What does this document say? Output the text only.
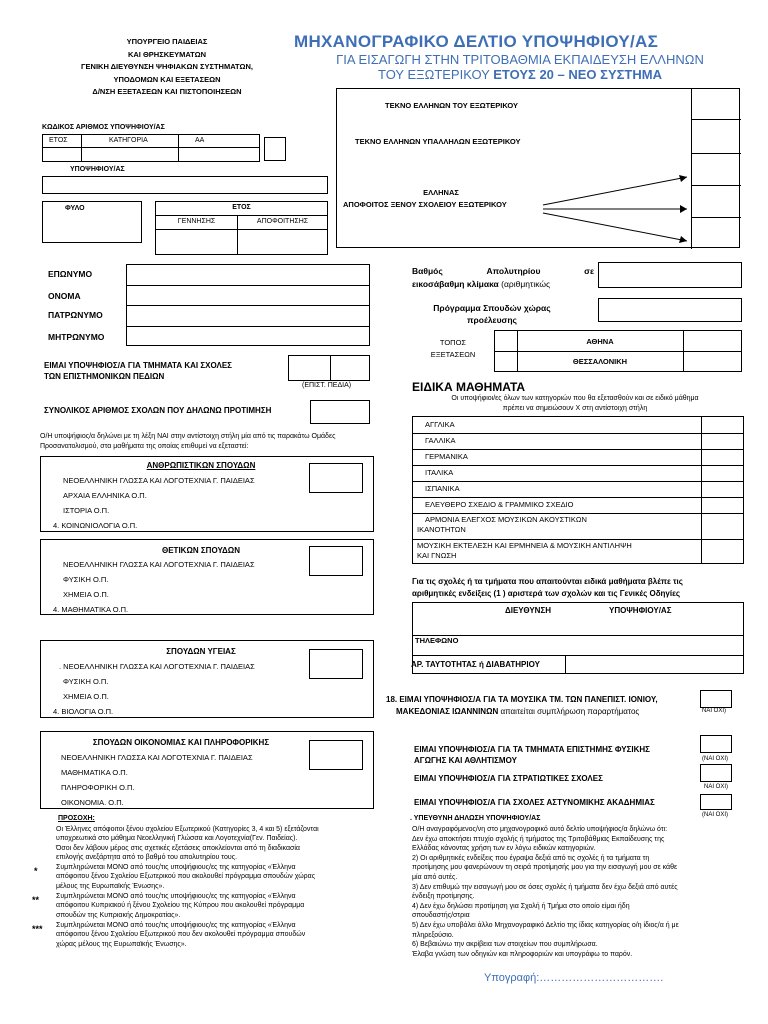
ΥΠΟΥΡΓΕΙΟ ΠΑΙΔΕΙΑΣ
ΚΑΙ ΘΡΗΣΚΕΥΜΑΤΩΝ
ΓΕΝΙΚΗ ΔΙΕΥΘΥΝΣΗ ΨΗΦΙΑΚΩΝ ΣΥΣΤΗΜΑΤΩΝ,
ΥΠΟΔΟΜΩΝ ΚΑΙ ΕΞΕΤΑΣΕΩΝ
Δ/ΝΣΗ ΕΞΕΤΑΣΕΩΝ ΚΑΙ ΠΙΣΤΟΠΟΙΗΣΕΩΝ
ΜΗΧΑΝΟΓΡΑΦΙΚΟ ΔΕΛΤΙΟ ΥΠΟΨΗΦΙΟΥ/ΑΣ
ΓΙΑ ΕΙΣΑΓΩΓΗ ΣΤΗΝ ΤΡΙΤΟΒΑΘΜΙΑ ΕΚΠΑΙΔΕΥΣΗ ΕΛΛΗΝΩΝ
ΤΟΥ ΕΞΩΤΕΡΙΚΟΥ ΕΤΟΥΣ 20 – ΝΕΟ ΣΥΣΤΗΜΑ
ΤΕΚΝΟ ΕΛΛΗΝΩΝ ΤΟΥ ΕΞΩΤΕΡΙΚΟΥ
ΤΕΚΝΟ ΕΛΛΗΝΩΝ ΥΠΑΛΛΗΛΩΝ ΕΞΩΤΕΡΙΚΟΥ
ΕΛΛΗΝΑΣ
ΑΠΟΦΟΙΤΟΣ ΞΕΝΟΥ ΣΧΟΛΕΙΟΥ ΕΞΩΤΕΡΙΚΟΥ
ΚΩΔΙΚΟΣ ΑΡΙΘΜΟΣ ΥΠΟΨΗΦΙΟΥ/ΑΣ
ΕΤΟΣ	ΚΑΤΗΓΟΡΙΑ	ΑΑ
ΥΠΟΨΗΦΙΟΥ/ΑΣ
ΦΥΛΟ	ΕΤΟΣ
ΓΕΝΝΗΣΗΣ	ΑΠΟΦΟΙΤΗΣΗΣ
ΕΠΩΝΥΜΟ
ΟΝΟΜΑ
ΠΑΤΡΩΝΥΜΟ
ΜΗΤΡΩΝΥΜΟ
Βαθμός	Απολυτηρίου	σε
εικοσάβαθμη κλίμακα (αριθμητικώς
Πρόγραμμα Σπουδών χώρας
προέλευσης
ΤΟΠΟΣ
ΕΞΕΤΑΣΕΩΝ
ΑΘΗΝΑ
ΘΕΣΣΑΛΟΝΙΚΗ
ΕΙΜΑΙ ΥΠΟΨΗΦΙΟΣ/Α ΓΙΑ ΤΜΗΜΑΤΑ ΚΑΙ ΣΧΟΛΕΣ
ΤΩΝ ΕΠΙΣΤΗΜΟΝΙΚΩΝ ΠΕΔΙΩΝ
(ΕΠΙΣΤ. ΠΕΔΙΑ)
ΣΥΝΟΛΙΚΟΣ ΑΡΙΘΜΟΣ ΣΧΟΛΩΝ ΠΟΥ ΔΗΛΩΝΩ ΠΡΟΤΙΜΗΣΗ
Ο/Η υποψήφιος/α δηλώνει με τη λέξη ΝΑΙ στην αντίστοιχη στήλη μία από τις παρακάτω Ομάδες
Προσανατολισμού, στα μαθήματα της οποίας επιθυμεί να εξεταστεί:
ΑΝΘΡΩΠΙΣΤΙΚΩΝ ΣΠΟΥΔΩΝ
ΝΕΟΕΛΛΗΝΙΚΗ ΓΛΩΣΣΑ ΚΑΙ ΛΟΓΟΤΕΧΝΙΑ Γ. ΠΑΙΔΕΙΑΣ
ΑΡΧΑΙΑ ΕΛΛΗΝΙΚΑ Ο.Π.
ΙΣΤΟΡΙΑ Ο.Π.
4. ΚΟΙΝΩΝΙΟΛΟΓΙΑ Ο.Π.
ΘΕΤΙΚΩΝ ΣΠΟΥΔΩΝ
ΝΕΟΕΛΛΗΝΙΚΗ ΓΛΩΣΣΑ ΚΑΙ ΛΟΓΟΤΕΧΝΙΑ Γ. ΠΑΙΔΕΙΑΣ
ΦΥΣΙΚΗ Ο.Π.
ΧΗΜΕΙΑ Ο.Π.
4. ΜΑΘΗΜΑΤΙΚΑ Ο.Π.
ΣΠΟΥΔΩΝ ΥΓΕΙΑΣ
. ΝΕΟΕΛΛΗΝΙΚΗ ΓΛΩΣΣΑ ΚΑΙ ΛΟΓΟΤΕΧΝΙΑ Γ. ΠΑΙΔΕΙΑΣ
ΦΥΣΙΚΗ Ο.Π.
ΧΗΜΕΙΑ Ο.Π.
4. ΒΙΟΛΟΓΙΑ Ο.Π.
ΣΠΟΥΔΩΝ ΟΙΚΟΝΟΜΙΑΣ ΚΑΙ ΠΛΗΡΟΦΟΡΙΚΗΣ
ΝΕΟΕΛΛΗΝΙΚΗ ΓΛΩΣΣΑ ΚΑΙ ΛΟΓΟΤΕΧΝΙΑ Γ. ΠΑΙΔΕΙΑΣ
ΜΑΘΗΜΑΤΙΚΑ Ο.Π.
ΠΛΗΡΟΦΟΡΙΚΗ Ο.Π.
ΟΙΚΟΝΟΜΙΑ. Ο.Π.
ΕΙΔΙΚΑ ΜΑΘΗΜΑΤΑ
Οι υποψήφιοι/ες όλων των κατηγοριών που θα εξετασθούν και σε ειδικό μάθημα
πρέπει να σημειώσουν Χ στη αντίστοιχη στήλη
ΑΓΓΛΙΚΑ
ΓΑΛΛΙΚΑ
ΓΕΡΜΑΝΙΚΑ
ΙΤΑΛΙΚΑ
ΙΣΠΑΝΙΚΑ
ΕΛΕΥΘΕΡΟ ΣΧΕΔΙΟ & ΓΡΑΜΜΙΚΟ ΣΧΕΔΙΟ
ΑΡΜΟΝΙΑ ΕΛΕΓΧΟΣ ΜΟΥΣΙΚΩΝ ΑΚΟΥΣΤΙΚΩΝ
ΙΚΑΝΟΤΗΤΩΝ
ΜΟΥΣΙΚΗ ΕΚΤΕΛΕΣΗ ΚΑΙ ΕΡΜΗΝΕΙΑ & ΜΟΥΣΙΚΗ ΑΝΤΙΛΗΨΗ
ΚΑΙ ΓΝΩΣΗ
Για τις σχολές ή τα τμήματα που απαιτούνται ειδικά μαθήματα βλέπε τις
αριθμητικές ενδείξεις (1 ) αριστερά των σχολών και τις Γενικές Οδηγίες
ΔΙΕΥΘΥΝΣΗ	ΥΠΟΨΗΦΙΟΥ/ΑΣ
ΤΗΛΕΦΩΝΟ
ΑΡ. ΤΑΥΤΟΤΗΤΑΣ ή ΔΙΑΒΑΤΗΡΙΟΥ
18. ΕΙΜΑΙ ΥΠΟΨΗΦΙΟΣ/Α ΓΙΑ ΤΑ ΜΟΥΣΙΚΑ ΤΜ. ΤΩΝ ΠΑΝΕΠΙΣΤ. ΙΟΝΙΟΥ,
ΜΑΚΕΔΟΝΙΑΣ ΙΩΑΝΝΙΝΩΝ απαιτείται συμπλήρωση παραρτήματος	ΝΑΙ ΟΧΙ)
ΕΙΜΑΙ ΥΠΟΨΗΦΙΟΣ/Α ΓΙΑ ΤΑ ΤΜΗΜΑΤΑ ΕΠΙΣΤΗΜΗΣ ΦΥΣΙΚΗΣ
ΑΓΩΓΗΣ ΚΑΙ ΑΘΛΗΤΙΣΜΟΥ	(ΝΑΙ ΟΧΙ)
ΕΙΜΑΙ ΥΠΟΨΗΦΙΟΣ/Α ΓΙΑ ΣΤΡΑΤΙΩΤΙΚΕΣ ΣΧΟΛΕΣ
ΝΑΙ ΟΧΙ)
ΕΙΜΑΙ ΥΠΟΨΗΦΙΟΣ/Α ΓΙΑ ΣΧΟΛΕΣ ΑΣΤΥΝΟΜΙΚΗΣ ΑΚΑΔΗΜΙΑΣ
(ΝΑΙ ΟΧΙ)
. ΥΠΕΥΘΥΝΗ ΔΗΛΩΣΗ ΥΠΟΨΗΦΙΟΥ/ΑΣ
Ο/Η αναγραφόμενος/νη στο μηχανογραφικό αυτό δελτίο υποψήφιος/α δηλώνω ότι:
Δεν έχω αποκτήσει πτυχίο σχολής ή τμήματος της Τριτοβάθμιας Εκπαίδευσης της
Ελλάδας κάνοντας χρήση των εν λόγω ειδικών κατηγοριών.
2) Οι αριθμητικές ενδείξεις που έγραψα δεξιά από τις σχολές ή τα τμήματα τη
προτίμησης μου φανερώνουν τη σειρά προτίμησής μου για την εισαγωγή μου σε κάθε
μία από αυτές.
3) Δεν επιθυμώ την εισαγωγή μου σε όσες σχολές ή τμήματα δεν έχω δεξιά από αυτές
ένδειξη προτίμησης.
4) Δεν έχω δηλώσει προτίμηση για Σχολή ή Τμήμα στο οποίο είμαι ήδη
σπουδαστής/στρια
5) Δεν έχω υποβάλει άλλο Μηχανογραφικό Δελτίο της ίδιας κατηγορίας ο/η ίδιος/α ή με
πληρεξούσιο.
6) Βεβαιώνω την ακρίβεια των στοιχείων που συμπλήρωσα.
Έλαβα γνώση των οδηγιών και πληροφοριών και υπογράφω το παρόν.
ΠΡΟΣΟΧΗ:
Οι Έλληνες απόφοιτοι ξένου σχολείου Εξωτερικού (Κατηγορίες 3, 4 και 5) εξετάζονται
υποχρεωτικά στο μάθημα Νεοελληνική Γλώσσα και Λογοτεχνία(Γεν. Παιδείας).
Όσοι δεν λάβουν μέρος στις σχετικές εξετάσεις αποκλείονται από τη διαδικασία
επιλογής ανεξάρτητα από το βαθμό του απολυτηρίου τους.
*	Συμπληρώνεται ΜΟΝΟ από τους/τις υποψήφιους/ες της κατηγορίας «Έλληνα
απόφοιτου ξένου Σχολείου Εξωτερικού που ακολουθεί πρόγραμμα σπουδών χώρας
μέλους της Ευρωπαϊκής Ένωσης».
** Συμπληρώνεται ΜΟΝΟ από τους/τις υποψήφιους/ες της κατηγορίας «Έλληνα
απόφοιτου Κυπριακού ή ξένου Σχολείου της Κύπρου που ακολουθεί πρόγραμμα
σπουδών της Κυπριακής Δημοκρατίας».
*** Συμπληρώνεται ΜΟΝΟ από τους/τις υποψήφιους/ες της κατηγορίας «Έλληνα
απόφοιτου ξένου Σχολείου Εξωτερικού που δεν ακολουθεί πρόγραμμα σπουδών
χώρας μέλους της Ευρωπαϊκής Ένωσης».
Υπογραφή:…………………………….
